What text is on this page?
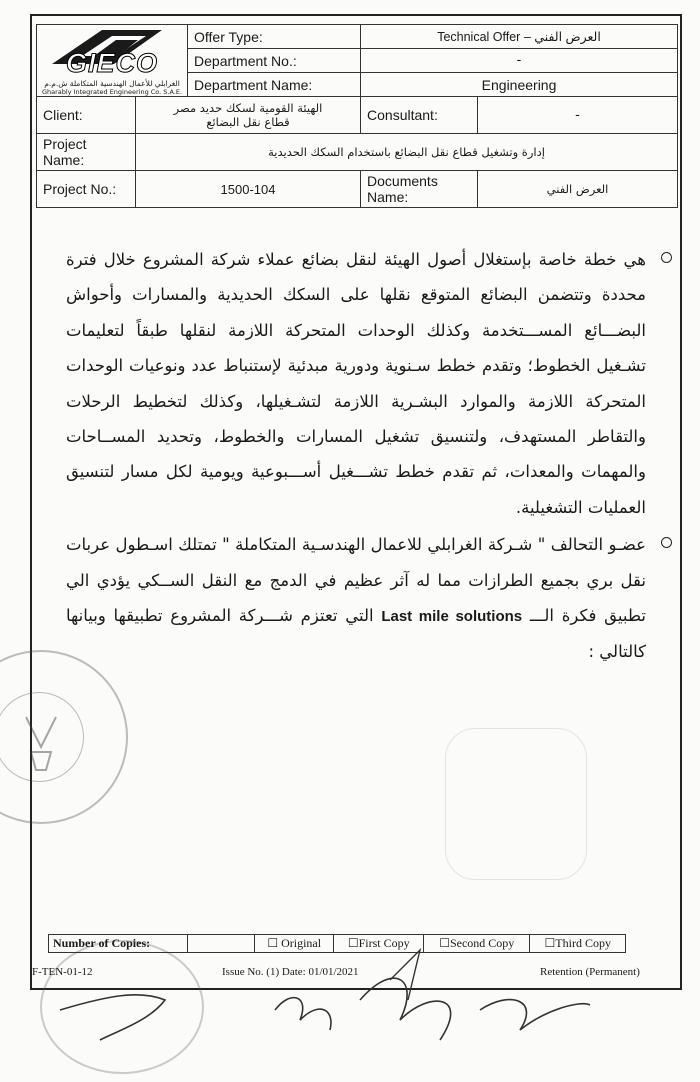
GIECO
الغرابلي للأعمال الهندسية المتكاملة ش.م.م
Gharably Integrated Engineering Co. S.A.E.		Offer Type:	Technical Offer – العرض الفني	
		Department No.:	-	
		Department Name:	Engineering	
Client:	الهيئة القومية لسكك حديد مصر
قطاع نقل البضائع		Consultant:	-
Project Name:	إدارة وتشغيل قطاع نقل البضائع باستخدام السكك الحديدية			
Project No.:	1500-104		Documents Name:	العرض الفني

هي خطة خاصة بإستغلال أصول الهيئة لنقل بضائع عملاء شركة المشروع خلال فترة محددة وتتضمن البضائع المتوقع نقلها على السكك الحديدية والمسارات وأحواش البضـــائع المســـتخدمة وكذلك الوحدات المتحركة اللازمة لنقلها طبقاً لتعليمات تشـغيل الخطوط؛ وتقدم خطط سـنوية ودورية مبدئية لإستنباط عدد ونوعيات الوحدات المتحركة اللازمة والموارد البشـرية اللازمة لتشـغيلها، وكذلك لتخطيط الرحلات والتقاطر المستهدف، ولتنسيق تشغيل المسارات والخطوط، وتحديد المســاحات والمهمات والمعدات، ثم تقدم خطط تشـــغيل أســـبوعية ويومية لكل مسار لتنسيق العمليات التشغيلية.

عضـو التحالف " شـركة الغرابلي للاعمال الهندسـية المتكاملة " تمتلك اسـطول عربات نقل بري بجميع الطرازات مما له آثر عظيم في الدمج مع النقل الســكي يؤدي الي تطبيق فكرة الـــ Last mile solutions التي تعتزم شـــركة المشروع تطبيقها وبيانها كالتالي :

Number of Copies:		☐ Original	☐First Copy	☐Second Copy	☐Third Copy
F-TEN-01-12	Issue No. (1) Date: 01/01/2021	Retention (Permanent)
